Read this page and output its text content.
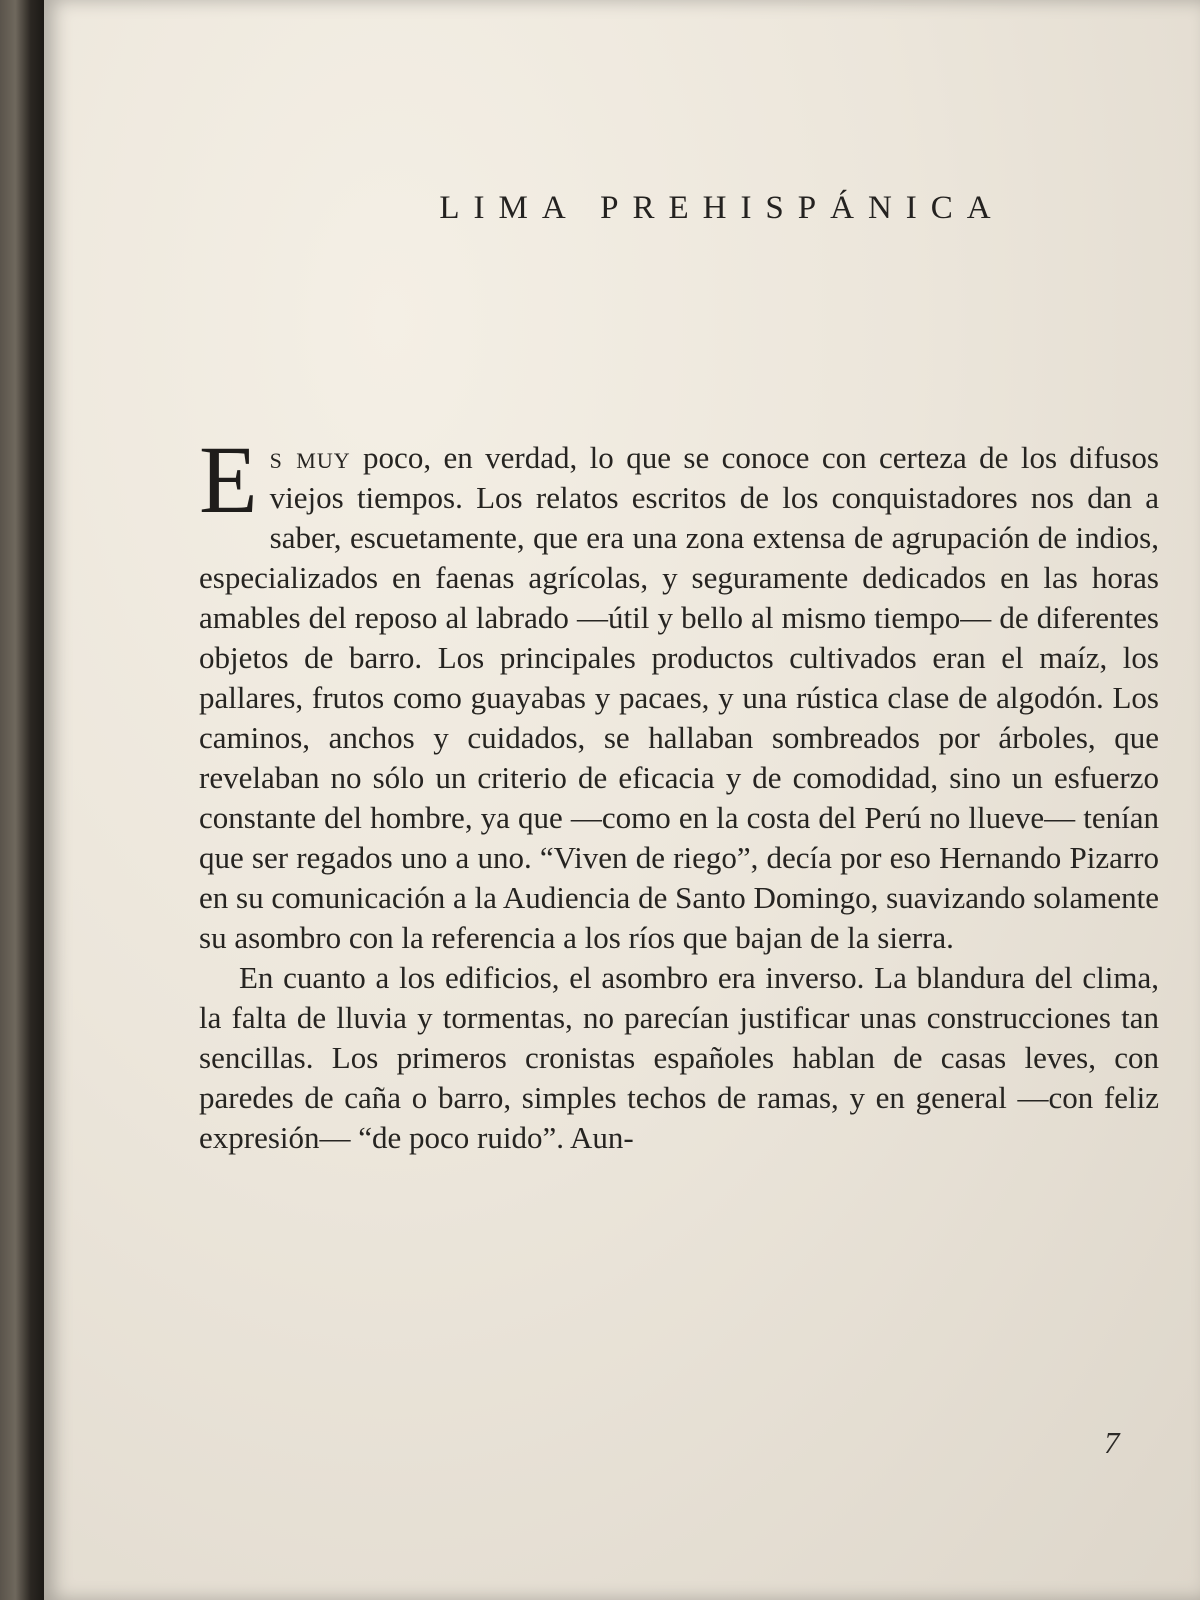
LIMA PREHISPÁNICA

Es muy poco, en verdad, lo que se conoce con certeza de los difusos viejos tiempos. Los relatos escritos de los conquistadores nos dan a saber, escuetamente, que era una zona extensa de agrupación de indios, especializados en faenas agrícolas, y seguramente dedicados en las horas amables del reposo al labrado —útil y bello al mismo tiempo— de diferentes objetos de barro. Los principales productos cultivados eran el maíz, los pallares, frutos como guayabas y pacaes, y una rústica clase de algodón. Los caminos, anchos y cuidados, se hallaban sombreados por árboles, que revelaban no sólo un criterio de eficacia y de comodidad, sino un esfuerzo constante del hombre, ya que —como en la costa del Perú no llueve— tenían que ser regados uno a uno. “Viven de riego”, decía por eso Hernando Pizarro en su comunicación a la Audiencia de Santo Domingo, suavizando solamente su asombro con la referencia a los ríos que bajan de la sierra.

En cuanto a los edificios, el asombro era inverso. La blandura del clima, la falta de lluvia y tormentas, no parecían justificar unas construcciones tan sencillas. Los primeros cronistas españoles hablan de casas leves, con paredes de caña o barro, simples techos de ramas, y en general —con feliz expresión— “de poco ruido”. Aun-

7
